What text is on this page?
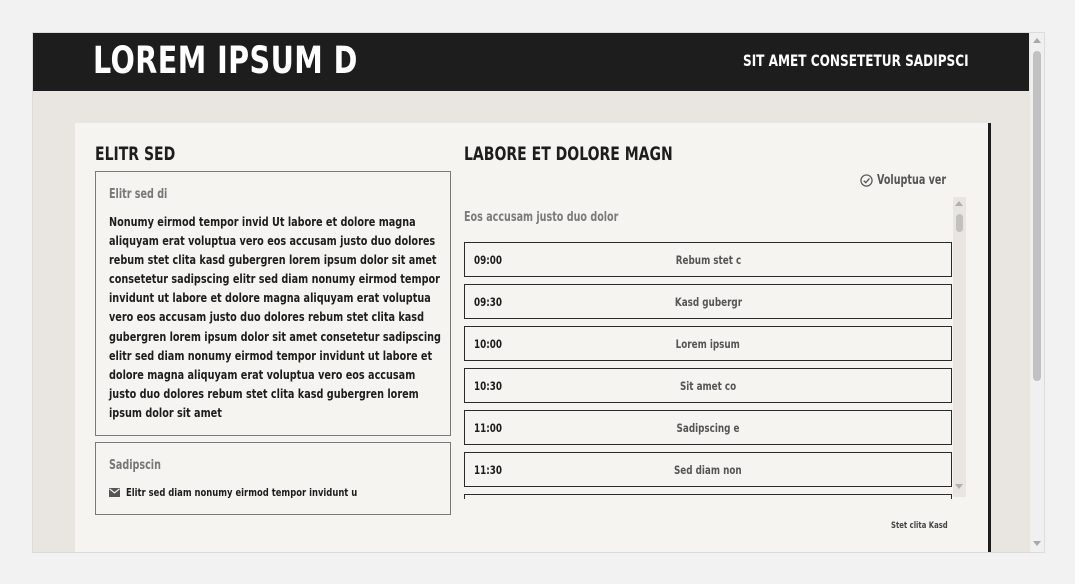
LOREM IPSUM D	SIT AMET CONSETETUR SADIPSCI
ELITR SED
Elitr sed di
Nonumy eirmod tempor invid Ut labore et dolore magna aliquyam erat voluptua vero eos accusam justo duo dolores rebum stet clita kasd gubergren lorem ipsum dolor sit amet consetetur sadipscing elitr sed diam nonumy eirmod tempor invidunt ut labore et dolore magna aliquyam erat voluptua vero eos accusam justo duo dolores rebum stet clita kasd gubergren lorem ipsum dolor sit amet consetetur sadipscing elitr sed diam nonumy eirmod tempor invidunt ut labore et dolore magna aliquyam erat voluptua vero eos accusam justo duo dolores rebum stet clita kasd gubergren lorem ipsum dolor sit amet
Sadipscin
Elitr sed diam nonumy eirmod tempor invidunt u
LABORE ET DOLORE MAGN
Voluptua ver
Eos accusam justo duo dolor
09:00	Rebum stet c
09:30	Kasd gubergr
10:00	Lorem ipsum
10:30	Sit amet co
11:00	Sadipscing e
11:30	Sed diam non
Stet clita Kasd
